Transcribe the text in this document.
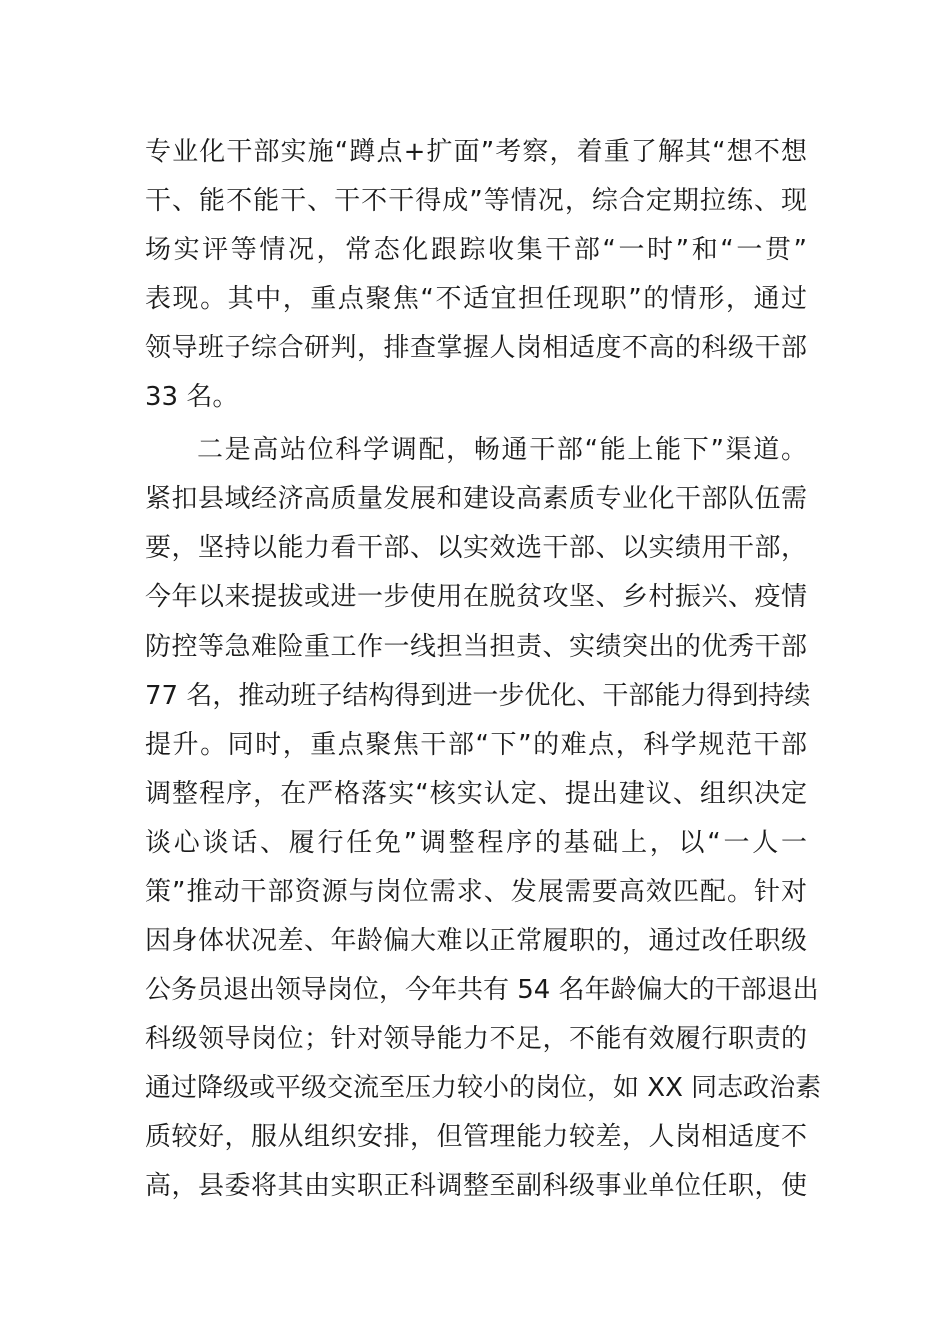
专业化干部实施“蹲点+扩面”考察，着重了解其“想不想
干、能不能干、干不干得成”等情况，综合定期拉练、现
场实评等情况，常态化跟踪收集干部“一时”和“一贯”
表现。其中，重点聚焦“不适宜担任现职”的情形，通过
领导班子综合研判，排查掌握人岗相适度不高的科级干部
33 名。
二是高站位科学调配，畅通干部“能上能下”渠道。
紧扣县域经济高质量发展和建设高素质专业化干部队伍需
要，坚持以能力看干部、以实效选干部、以实绩用干部，
今年以来提拔或进一步使用在脱贫攻坚、乡村振兴、疫情
防控等急难险重工作一线担当担责、实绩突出的优秀干部
77 名，推动班子结构得到进一步优化、干部能力得到持续
提升。同时，重点聚焦干部“下”的难点，科学规范干部
调整程序，在严格落实“核实认定、提出建议、组织决定
谈心谈话、履行任免”调整程序的基础上，以“一人一
策”推动干部资源与岗位需求、发展需要高效匹配。针对
因身体状况差、年龄偏大难以正常履职的，通过改任职级
公务员退出领导岗位，今年共有 54 名年龄偏大的干部退出
科级领导岗位；针对领导能力不足，不能有效履行职责的
通过降级或平级交流至压力较小的岗位，如 XX 同志政治素
质较好，服从组织安排，但管理能力较差，人岗相适度不
高，县委将其由实职正科调整至副科级事业单位任职，使
